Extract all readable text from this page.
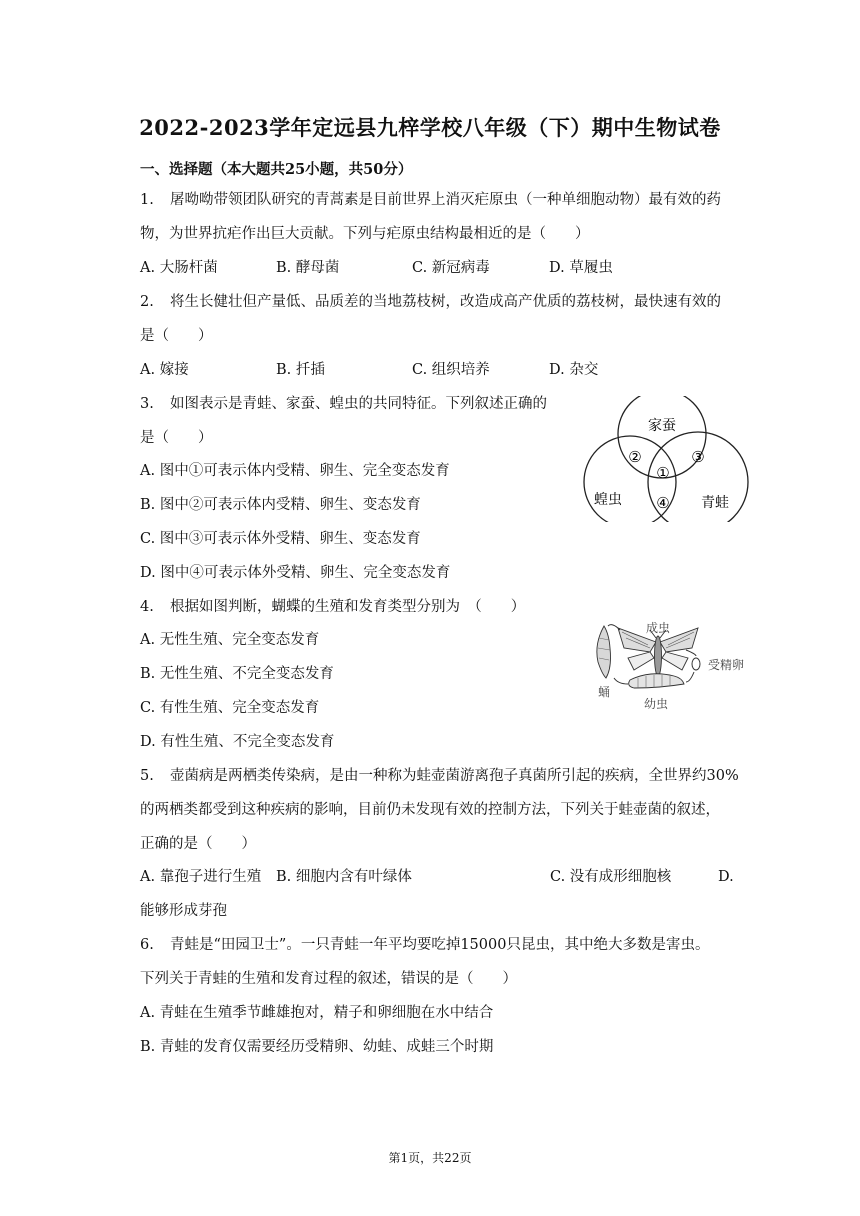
2022-2023学年定远县九梓学校八年级（下）期中生物试卷
一、选择题（本大题共25小题，共50分）
1. 屠呦呦带领团队研究的青蒿素是目前世界上消灭疟原虫（一种单细胞动物）最有效的药
物，为世界抗疟作出巨大贡献。下列与疟原虫结构最相近的是（　　）
A. 大肠杆菌	B. 酵母菌	C. 新冠病毒	D. 草履虫
2. 将生长健壮但产量低、品质差的当地荔枝树，改造成高产优质的荔枝树，最快速有效的
是（　　）
A. 嫁接	B. 扦插	C. 组织培养	D. 杂交
3. 如图表示是青蛙、家蚕、蝗虫的共同特征。下列叙述正确的
是（　　）
A. 图中①可表示体内受精、卵生、完全变态发育
B. 图中②可表示体内受精、卵生、变态发育
C. 图中③可表示体外受精、卵生、变态发育
D. 图中④可表示体外受精、卵生、完全变态发育
家蚕
蝗虫	青蛙
①
②	③
④
4. 根据如图判断，蝴蝶的生殖和发育类型分别为　（　　）
A. 无性生殖、完全变态发育
B. 无性生殖、不完全变态发育
C. 有性生殖、完全变态发育
D. 有性生殖、不完全变态发育
成虫
蛹
受精卵
幼虫
5. 壶菌病是两栖类传染病，是由一种称为蛙壶菌游离孢子真菌所引起的疾病，全世界约30%
的两栖类都受到这种疾病的影响，目前仍未发现有效的控制方法，下列关于蛙壶菌的叙述，
正确的是（　　）
A. 靠孢子进行生殖 B. 细胞内含有叶绿体	C. 没有成形细胞核	D.
能够形成芽孢
6. 青蛙是“田园卫士”。一只青蛙一年平均要吃掉15000只昆虫，其中绝大多数是害虫。
下列关于青蛙的生殖和发育过程的叙述，错误的是（　　）
A. 青蛙在生殖季节雌雄抱对，精子和卵细胞在水中结合
B. 青蛙的发育仅需要经历受精卵、幼蛙、成蛙三个时期
第1页，共22页
